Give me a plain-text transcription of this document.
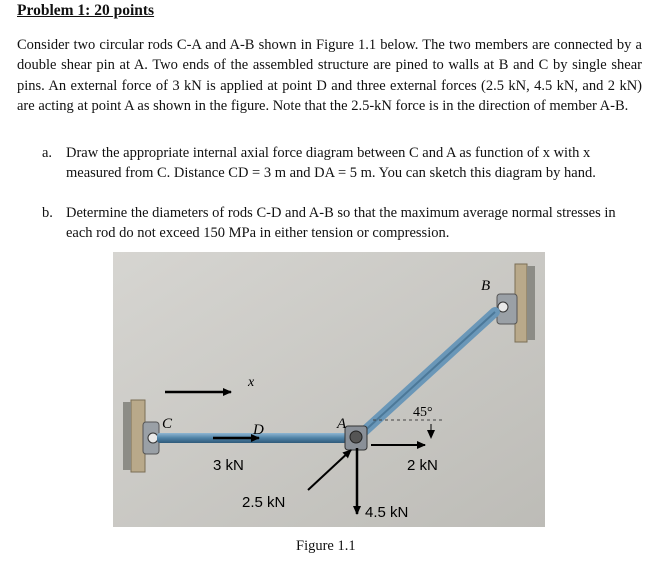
Problem 1: 20 points
Consider two circular rods C-A and A-B shown in Figure 1.1 below. The two members are connected by a double shear pin at A. Two ends of the assembled structure are pined to walls at B and C by single shear pins. An external force of 3 kN is applied at point D and three external forces (2.5 kN, 4.5 kN, and 2 kN) are acting at point A as shown in the figure. Note that the 2.5-kN force is in the direction of member A-B.
a. Draw the appropriate internal axial force diagram between C and A as function of x with x measured from C. Distance CD = 3 m and DA = 5 m. You can sketch this diagram by hand.
b. Determine the diameters of rods C-D and A-B so that the maximum average normal stresses in each rod do not exceed 150 MPa in either tension or compression.
x
C	D	A
B
45°
3 kN
2.5 kN
4.5 kN
2 kN
Figure 1.1
